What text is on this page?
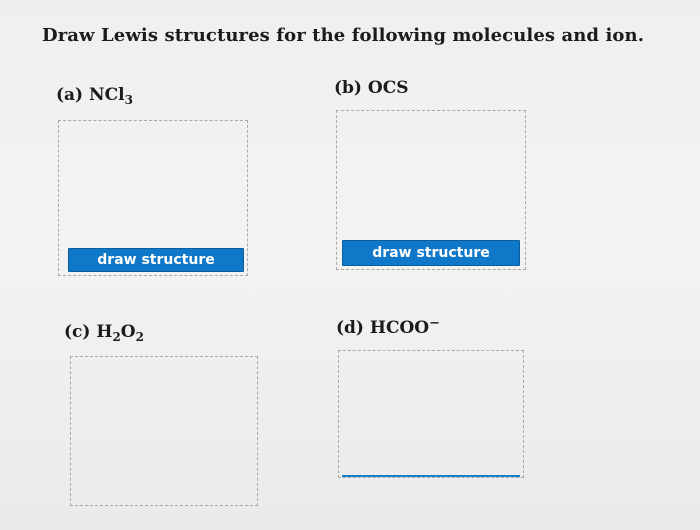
Draw Lewis structures for the following molecules and ion.
(a) NCl$_3$
draw structure
(b) OCS
draw structure
(c) $H_2O_2$	(d) HCOO−
